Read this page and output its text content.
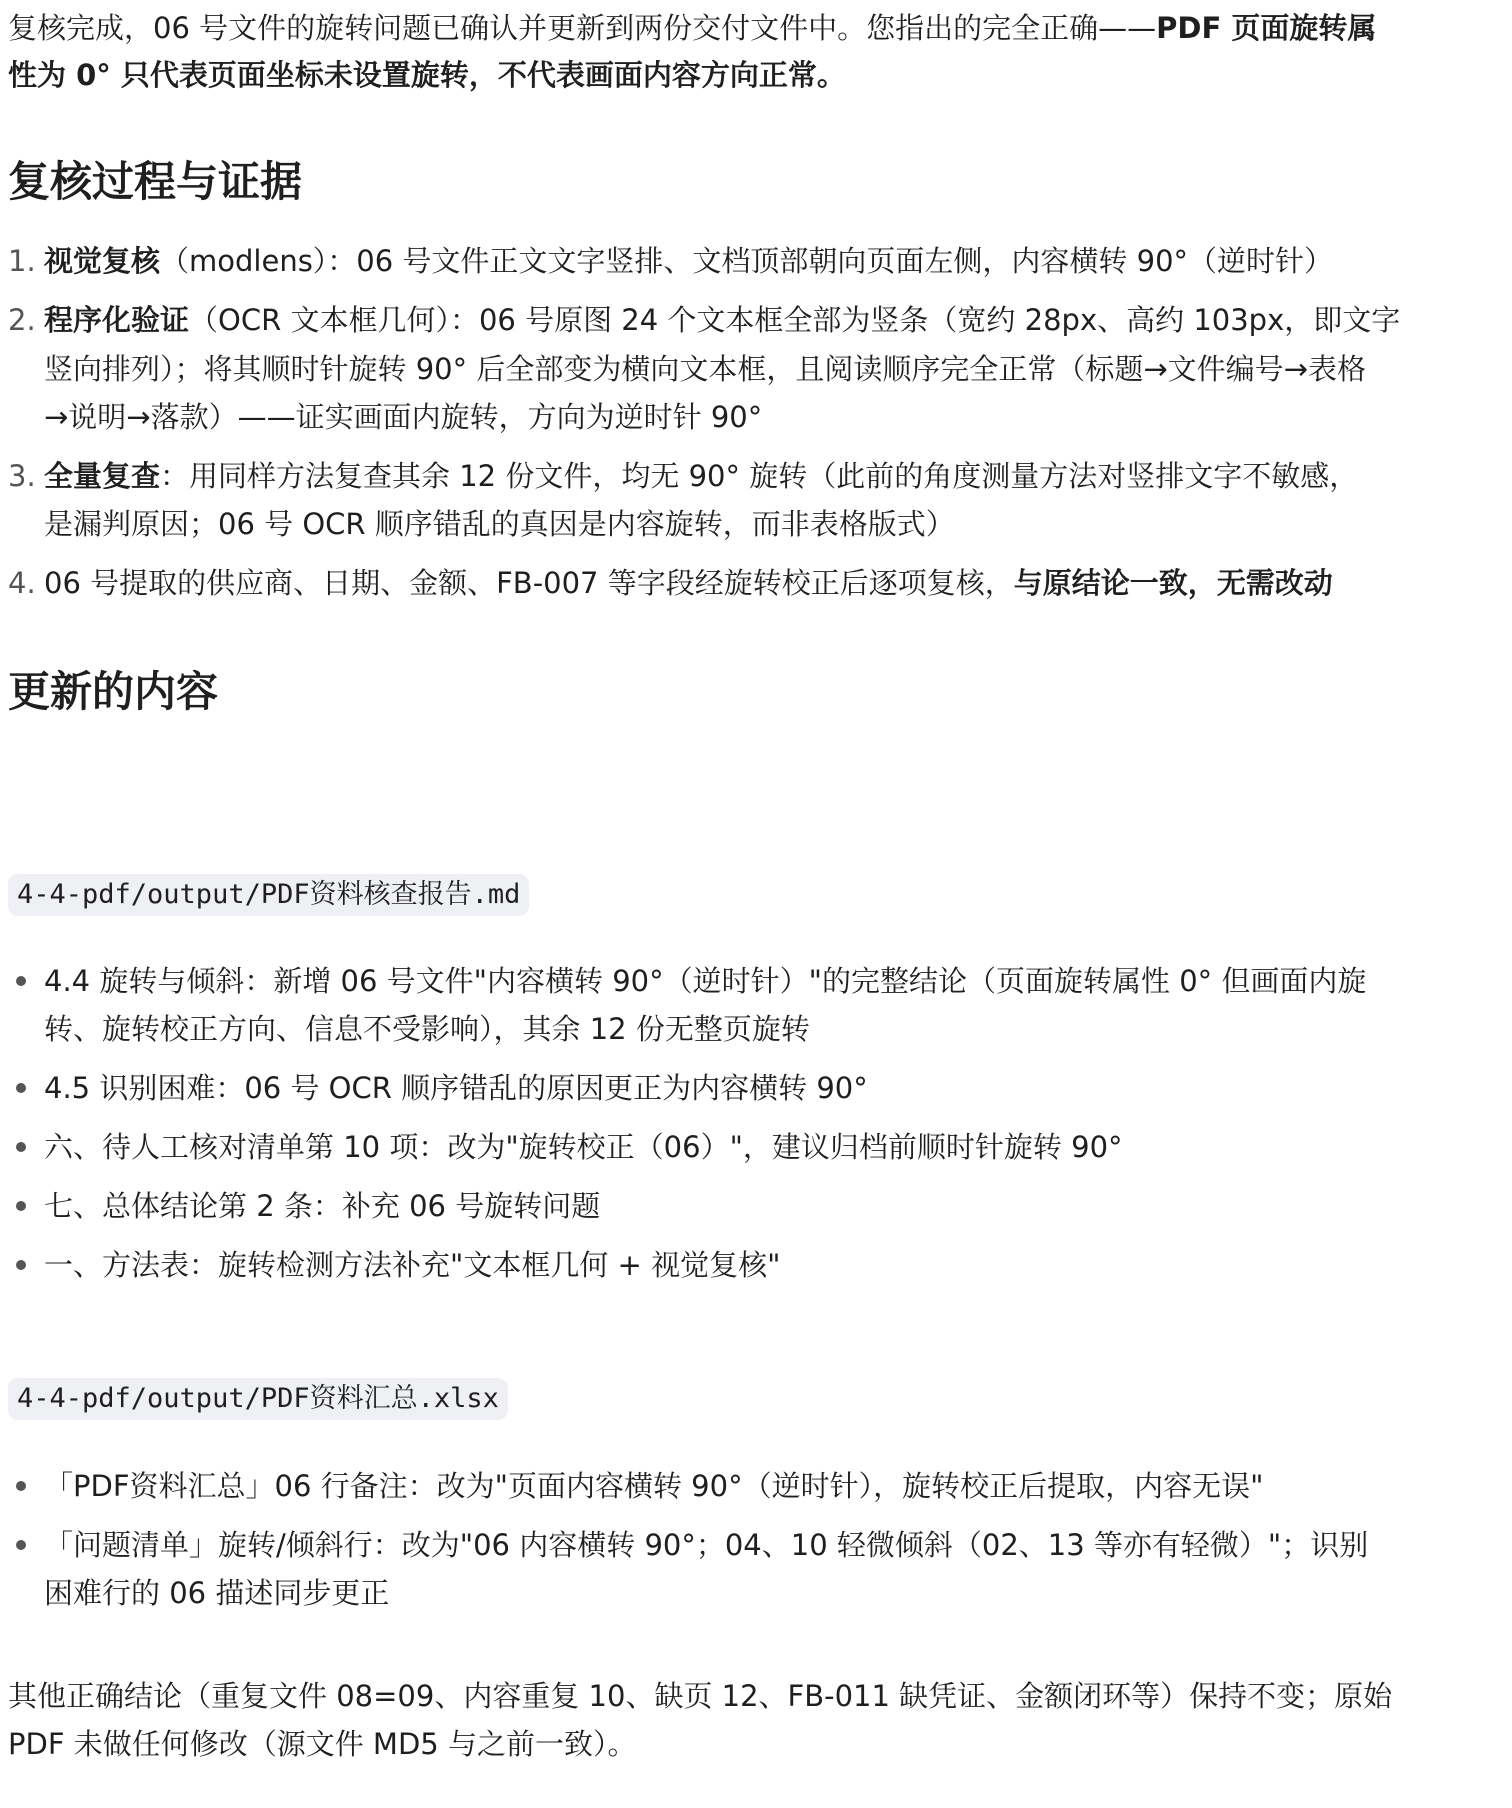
复核完成，06 号文件的旋转问题已确认并更新到两份交付文件中。您指出的完全正确——PDF 页面旋转属
性为 0° 只代表页面坐标未设置旋转，不代表画面内容方向正常。
复核过程与证据
1. 视觉复核（modlens）：06 号文件正文文字竖排、文档顶部朝向页面左侧，内容横转 90°（逆时针）
2. 程序化验证（OCR 文本框几何）：06 号原图 24 个文本框全部为竖条（宽约 28px、高约 103px，即文字
竖向排列）；将其顺时针旋转 90° 后全部变为横向文本框，且阅读顺序完全正常（标题→文件编号→表格
→说明→落款）——证实画面内旋转，方向为逆时针 90°
3. 全量复查：用同样方法复查其余 12 份文件，均无 90° 旋转（此前的角度测量方法对竖排文字不敏感，
是漏判原因；06 号 OCR 顺序错乱的真因是内容旋转，而非表格版式）
4. 06 号提取的供应商、日期、金额、FB-007 等字段经旋转校正后逐项复核，与原结论一致，无需改动
更新的内容
4-4-pdf/output/PDF资料核查报告.md
4.4 旋转与倾斜：新增 06 号文件"内容横转 90°（逆时针）"的完整结论（页面旋转属性 0° 但画面内旋
转、旋转校正方向、信息不受影响），其余 12 份无整页旋转
4.5 识别困难：06 号 OCR 顺序错乱的原因更正为内容横转 90°
六、待人工核对清单第 10 项：改为"旋转校正（06）"，建议归档前顺时针旋转 90°
七、总体结论第 2 条：补充 06 号旋转问题
一、方法表：旋转检测方法补充"文本框几何 + 视觉复核"
4-4-pdf/output/PDF资料汇总.xlsx
「PDF资料汇总」06 行备注：改为"页面内容横转 90°（逆时针），旋转校正后提取，内容无误"
「问题清单」旋转/倾斜行：改为"06 内容横转 90°；04、10 轻微倾斜（02、13 等亦有轻微）"；识别
困难行的 06 描述同步更正
其他正确结论（重复文件 08=09、内容重复 10、缺页 12、FB-011 缺凭证、金额闭环等）保持不变；原始
PDF 未做任何修改（源文件 MD5 与之前一致）。
